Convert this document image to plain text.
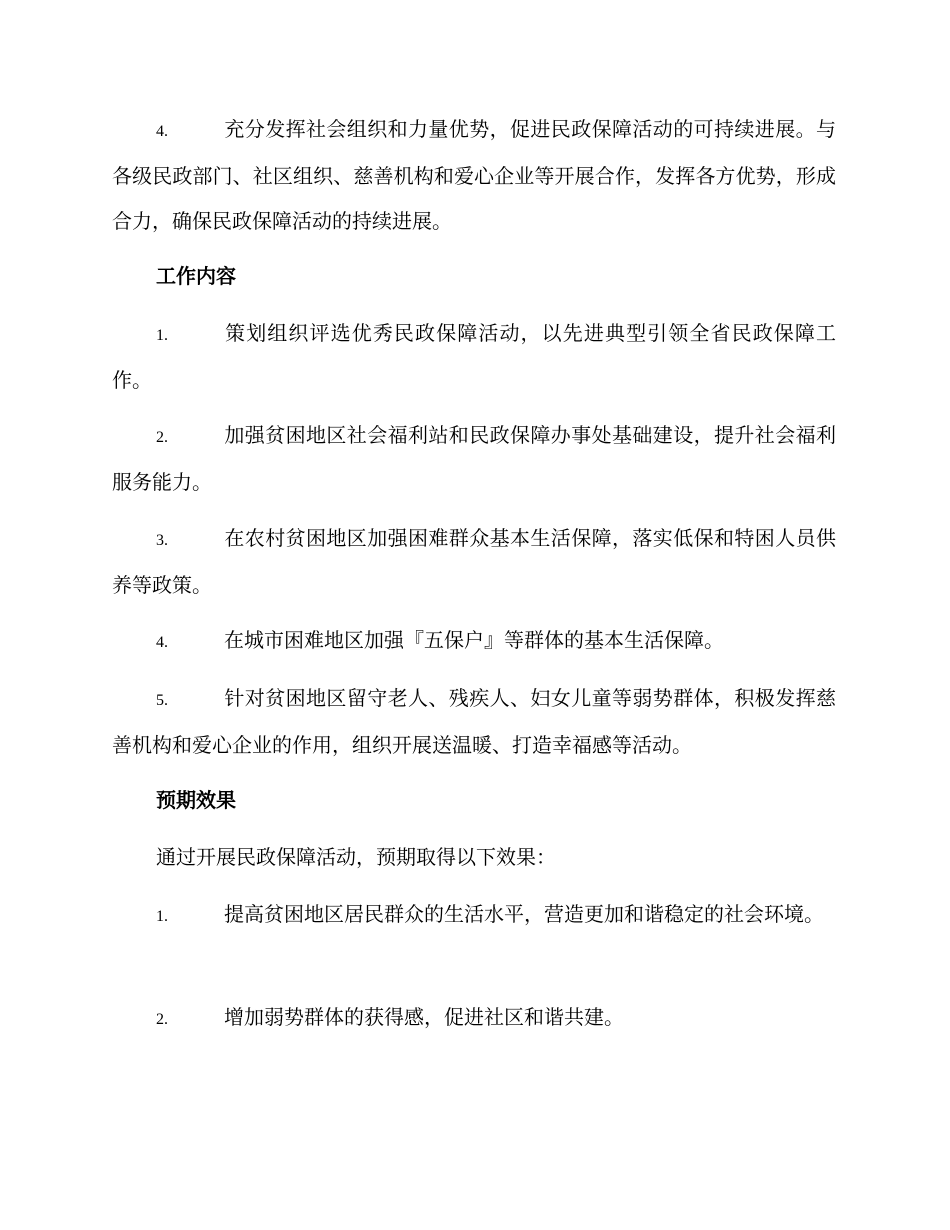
4.	充分发挥社会组织和力量优势，促进民政保障活动的可持续进展。与各级民政部门、社区组织、慈善机构和爱心企业等开展合作，发挥各方优势，形成合力，确保民政保障活动的持续进展。

工作内容

1.	策划组织评选优秀民政保障活动，以先进典型引领全省民政保障工作。

2.	加强贫困地区社会福利站和民政保障办事处基础建设，提升社会福利服务能力。

3.	在农村贫困地区加强困难群众基本生活保障，落实低保和特困人员供养等政策。

4.	在城市困难地区加强『五保户』等群体的基本生活保障。

5.	针对贫困地区留守老人、残疾人、妇女儿童等弱势群体，积极发挥慈善机构和爱心企业的作用，组织开展送温暖、打造幸福感等活动。

预期效果

通过开展民政保障活动，预期取得以下效果：

1.	提高贫困地区居民群众的生活水平，营造更加和谐稳定的社会环境。

2.	增加弱势群体的获得感，促进社区和谐共建。
